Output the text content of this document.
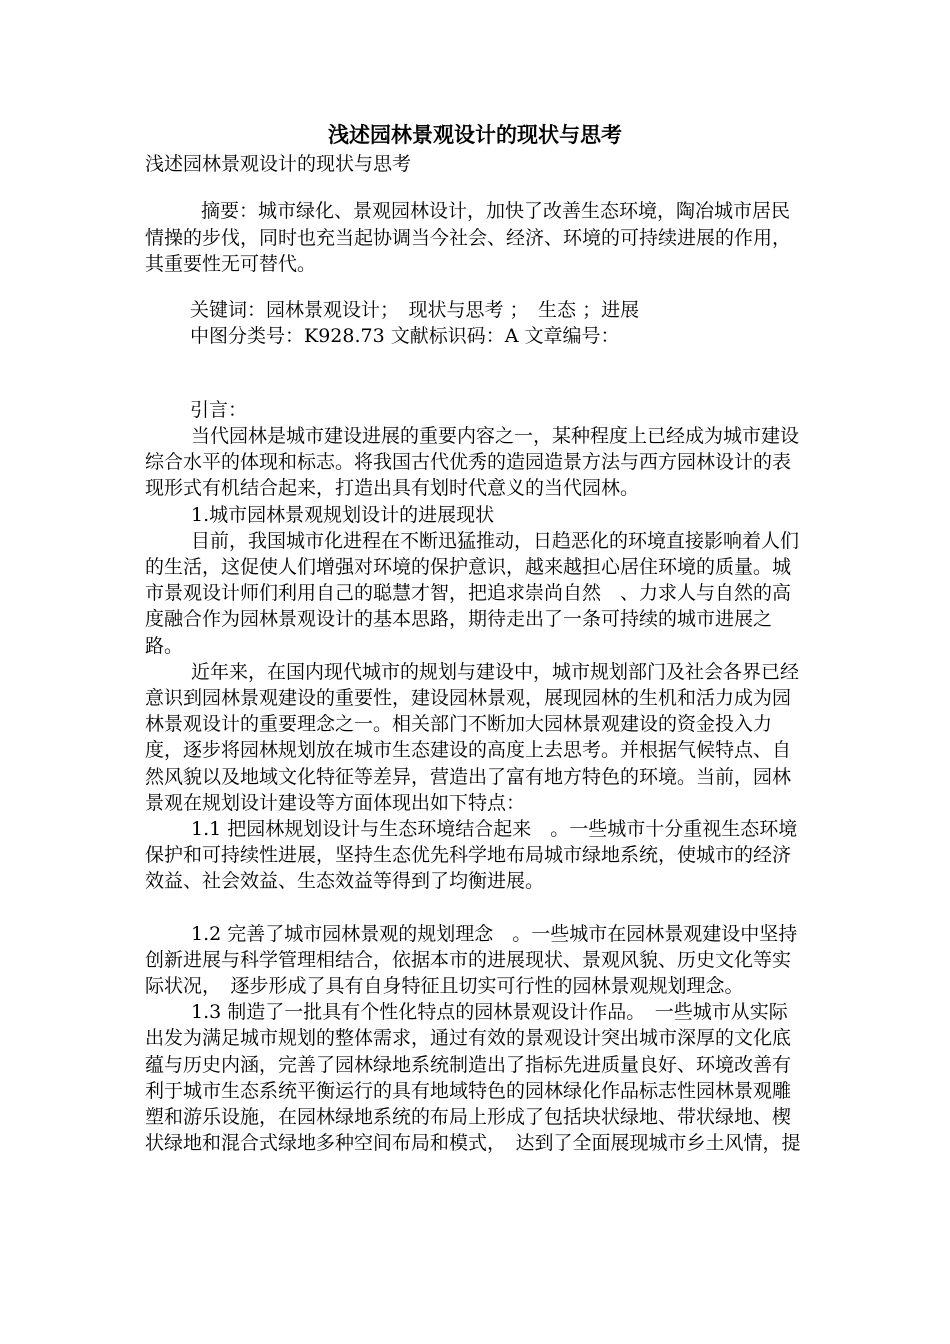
浅述园林景观设计的现状与思考
浅述园林景观设计的现状与思考

摘要：城市绿化、景观园林设计，加快了改善生态环境，陶冶城市居民情操的步伐，同时也充当起协调当今社会、经济、环境的可持续进展的作用，其重要性无可替代。

关键词：园林景观设计；　现状与思考 ；　生态 ；进展

中图分类号：K928.73 文献标识码：A 文章编号：

引言：

当代园林是城市建设进展的重要内容之一，某种程度上已经成为城市建设综合水平的体现和标志。将我国古代优秀的造园造景方法与西方园林设计的表现形式有机结合起来，打造出具有划时代意义的当代园林。

1.城市园林景观规划设计的进展现状

目前，我国城市化进程在不断迅猛推动，日趋恶化的环境直接影响着人们的生活，这促使人们增强对环境的保护意识，越来越担心居住环境的质量。城市景观设计师们利用自己的聪慧才智，把追求崇尚自然　、力求人与自然的高度融合作为园林景观设计的基本思路，期待走出了一条可持续的城市进展之路。

近年来，在国内现代城市的规划与建设中，城市规划部门及社会各界已经意识到园林景观建设的重要性，建设园林景观，展现园林的生机和活力成为园林景观设计的重要理念之一。相关部门不断加大园林景观建设的资金投入力度，逐步将园林规划放在城市生态建设的高度上去思考。并根据气候特点、自然风貌以及地域文化特征等差异，营造出了富有地方特色的环境。当前，园林景观在规划设计建设等方面体现出如下特点：

1.1 把园林规划设计与生态环境结合起来　。一些城市十分重视生态环境保护和可持续性进展，坚持生态优先科学地布局城市绿地系统，使城市的经济效益、社会效益、生态效益等得到了均衡进展。

1.2 完善了城市园林景观的规划理念　。一些城市在园林景观建设中坚持创新进展与科学管理相结合，依据本市的进展现状、景观风貌、历史文化等实际状况，　逐步形成了具有自身特征且切实可行性的园林景观规划理念。

1.3 制造了一批具有个性化特点的园林景观设计作品。　一些城市从实际出发为满足城市规划的整体需求，通过有效的景观设计突出城市深厚的文化底蕴与历史内涵，完善了园林绿地系统制造出了指标先进质量良好、环境改善有利于城市生态系统平衡运行的具有地域特色的园林绿化作品标志性园林景观雕塑和游乐设施，在园林绿地系统的布局上形成了包括块状绿地、带状绿地、楔状绿地和混合式绿地多种空间布局和模式，　达到了全面展现城市乡土风情，提
